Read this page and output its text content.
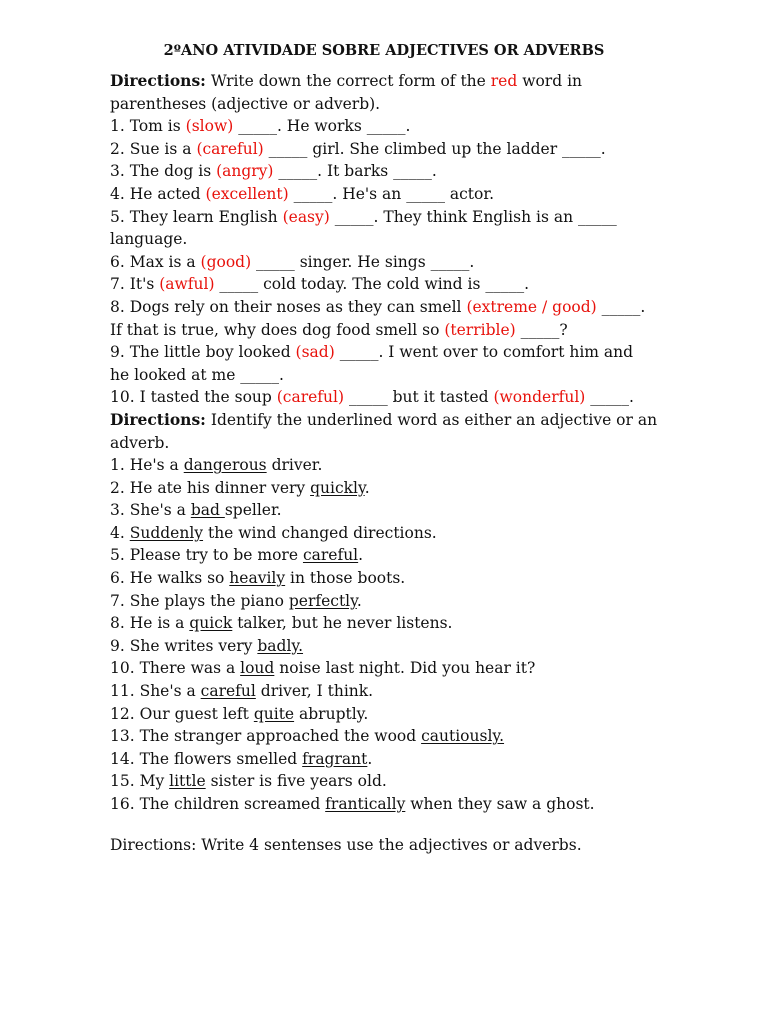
2ºANO ATIVIDADE SOBRE ADJECTIVES OR ADVERBS
Directions: Write down the correct form of the red word in
parentheses (adjective or adverb).
1. Tom is (slow) _____. He works _____.
2. Sue is a (careful) _____ girl. She climbed up the ladder _____.
3. The dog is (angry) _____. It barks _____.
4. He acted (excellent) _____. He's an _____ actor.
5. They learn English (easy) _____. They think English is an _____
language.
6. Max is a (good) _____ singer. He sings _____.
7. It's (awful) _____ cold today. The cold wind is _____.
8. Dogs rely on their noses as they can smell (extreme / good) _____.
If that is true, why does dog food smell so (terrible) _____?
9. The little boy looked (sad) _____. I went over to comfort him and
he looked at me _____.
10. I tasted the soup (careful) _____ but it tasted (wonderful) _____.
Directions: Identify the underlined word as either an adjective or an
adverb.
1. He's a dangerous driver.
2. He ate his dinner very quickly.
3. She's a bad speller.
4. Suddenly the wind changed directions.
5. Please try to be more careful.
6. He walks so heavily in those boots.
7. She plays the piano perfectly.
8. He is a quick talker, but he never listens.
9. She writes very badly.
10. There was a loud noise last night. Did you hear it?
11. She's a careful driver, I think.
12. Our guest left quite abruptly.
13. The stranger approached the wood cautiously.
14. The flowers smelled fragrant.
15. My little sister is five years old.
16. The children screamed frantically when they saw a ghost.
Directions: Write 4 sentenses use the adjectives or adverbs.
